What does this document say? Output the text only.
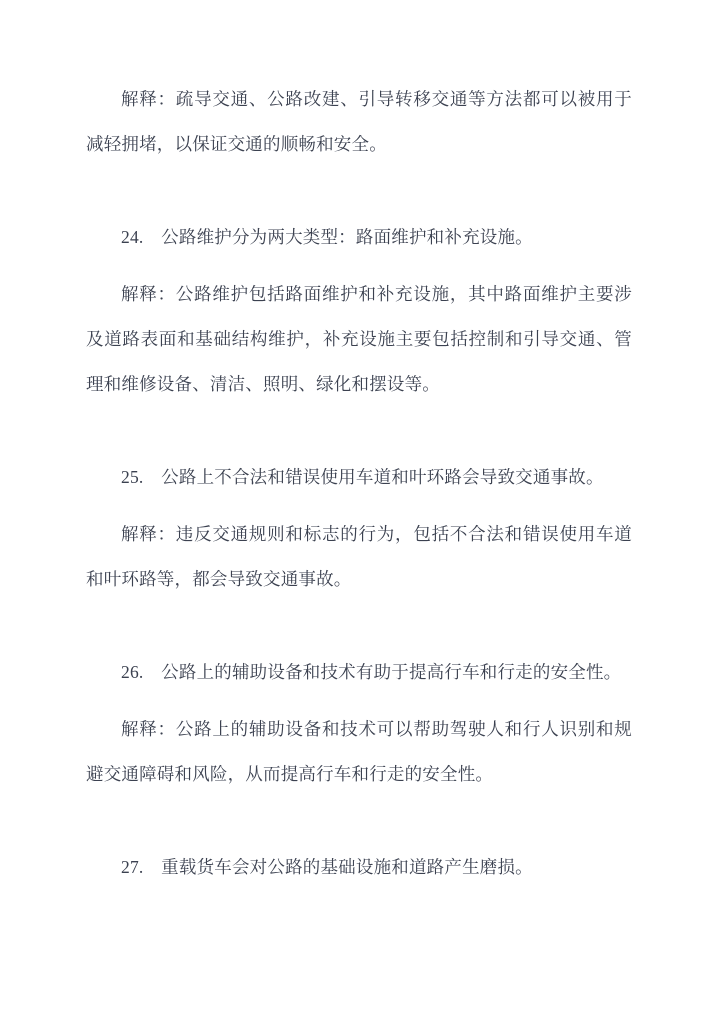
解释：疏导交通、公路改建、引导转移交通等方法都可以被用于减轻拥堵，以保证交通的顺畅和安全。

24.　公路维护分为两大类型：路面维护和补充设施。

解释：公路维护包括路面维护和补充设施，其中路面维护主要涉及道路表面和基础结构维护，补充设施主要包括控制和引导交通、管理和维修设备、清洁、照明、绿化和摆设等。

25.　公路上不合法和错误使用车道和叶环路会导致交通事故。

解释：违反交通规则和标志的行为，包括不合法和错误使用车道和叶环路等，都会导致交通事故。

26.　公路上的辅助设备和技术有助于提高行车和行走的安全性。

解释：公路上的辅助设备和技术可以帮助驾驶人和行人识别和规避交通障碍和风险，从而提高行车和行走的安全性。

27.　重载货车会对公路的基础设施和道路产生磨损。
